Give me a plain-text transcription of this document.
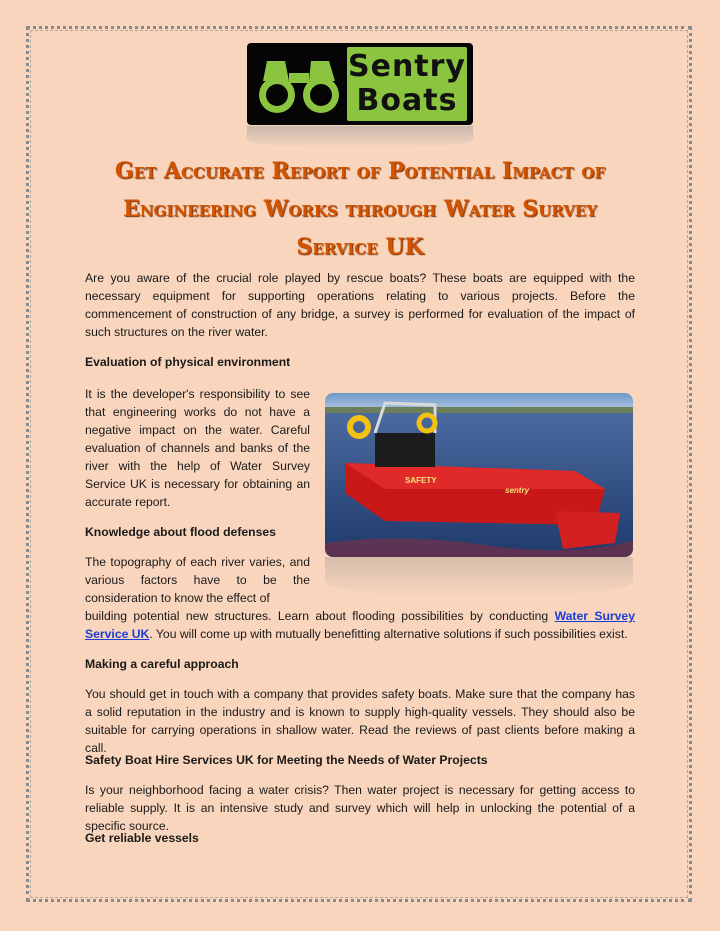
Sentry
Boats
Get Accurate Report of Potential Impact of Engineering Works through Water Survey Service UK

Are you aware of the crucial role played by rescue boats? These boats are equipped with the necessary equipment for supporting operations relating to various projects. Before the commencement of construction of any bridge, a survey is performed for evaluation of the impact of such structures on the river water.

Evaluation of physical environment

It is the developer's responsibility to see that engineering works do not have a negative impact on the water. Careful evaluation of channels and banks of the river with the help of Water Survey Service UK is necessary for obtaining an accurate report.

Knowledge about flood defenses

The topography of each river varies, and various factors have to be the consideration to know the effect of

building potential new structures. Learn about flooding possibilities by conducting Water Survey Service UK. You will come up with mutually benefitting alternative solutions if such possibilities exist.

Making a careful approach

You should get in touch with a company that provides safety boats. Make sure that the company has a solid reputation in the industry and is known to supply high-quality vessels. They should also be suitable for carrying operations in shallow water. Read the reviews of past clients before making a call.

Safety Boat Hire Services UK for Meeting the Needs of Water Projects

Is your neighborhood facing a water crisis? Then water project is necessary for getting access to reliable supply. It is an intensive study and survey which will help in unlocking the potential of a specific source.

Get reliable vessels

SAFETY
sentry
